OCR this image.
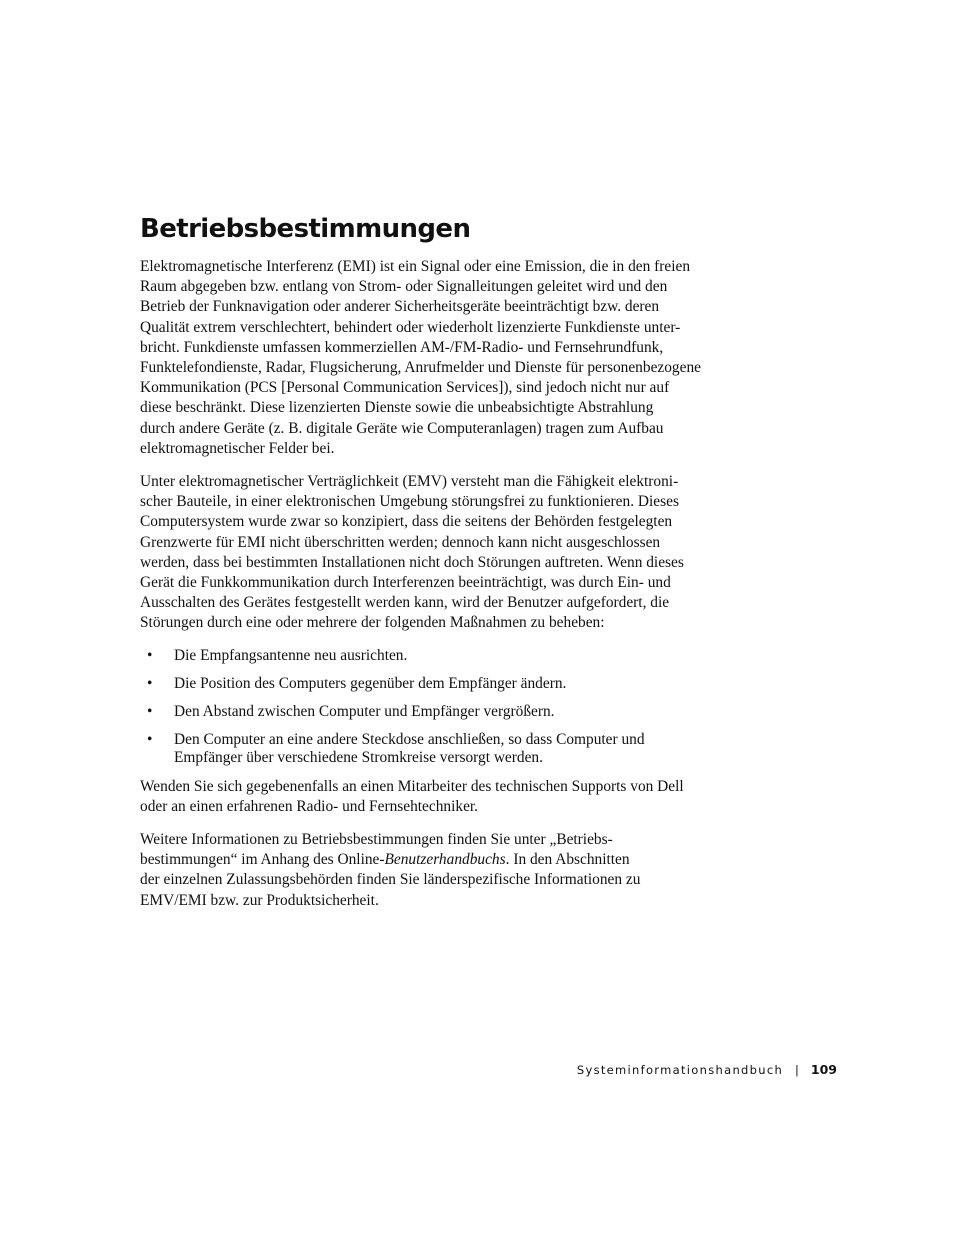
Betriebsbestimmungen

Elektromagnetische Interferenz (EMI) ist ein Signal oder eine Emission, die in den freien
Raum abgegeben bzw. entlang von Strom- oder Signalleitungen geleitet wird und den
Betrieb der Funknavigation oder anderer Sicherheitsgeräte beeinträchtigt bzw. deren
Qualität extrem verschlechtert, behindert oder wiederholt lizenzierte Funkdienste unter-
bricht. Funkdienste umfassen kommerziellen AM-/FM-Radio- und Fernsehrundfunk,
Funktelefondienste, Radar, Flugsicherung, Anrufmelder und Dienste für personenbezogene
Kommunikation (PCS [Personal Communication Services]), sind jedoch nicht nur auf
diese beschränkt. Diese lizenzierten Dienste sowie die unbeabsichtigte Abstrahlung
durch andere Geräte (z. B. digitale Geräte wie Computeranlagen) tragen zum Aufbau
elektromagnetischer Felder bei.

Unter elektromagnetischer Verträglichkeit (EMV) versteht man die Fähigkeit elektroni-
scher Bauteile, in einer elektronischen Umgebung störungsfrei zu funktionieren. Dieses
Computersystem wurde zwar so konzipiert, dass die seitens der Behörden festgelegten
Grenzwerte für EMI nicht überschritten werden; dennoch kann nicht ausgeschlossen
werden, dass bei bestimmten Installationen nicht doch Störungen auftreten. Wenn dieses
Gerät die Funkkommunikation durch Interferenzen beeinträchtigt, was durch Ein- und
Ausschalten des Gerätes festgestellt werden kann, wird der Benutzer aufgefordert, die
Störungen durch eine oder mehrere der folgenden Maßnahmen zu beheben:

• Die Empfangsantenne neu ausrichten.
• Die Position des Computers gegenüber dem Empfänger ändern.
• Den Abstand zwischen Computer und Empfänger vergrößern.
• Den Computer an eine andere Steckdose anschließen, so dass Computer und
Empfänger über verschiedene Stromkreise versorgt werden.

Wenden Sie sich gegebenenfalls an einen Mitarbeiter des technischen Supports von Dell
oder an einen erfahrenen Radio- und Fernsehtechniker.

Weitere Informationen zu Betriebsbestimmungen finden Sie unter „Betriebs-
bestimmungen“ im Anhang des Online-Benutzerhandbuchs. In den Abschnitten
der einzelnen Zulassungsbehörden finden Sie länderspezifische Informationen zu
EMV/EMI bzw. zur Produktsicherheit.

Systeminformationshandbuch | 109
